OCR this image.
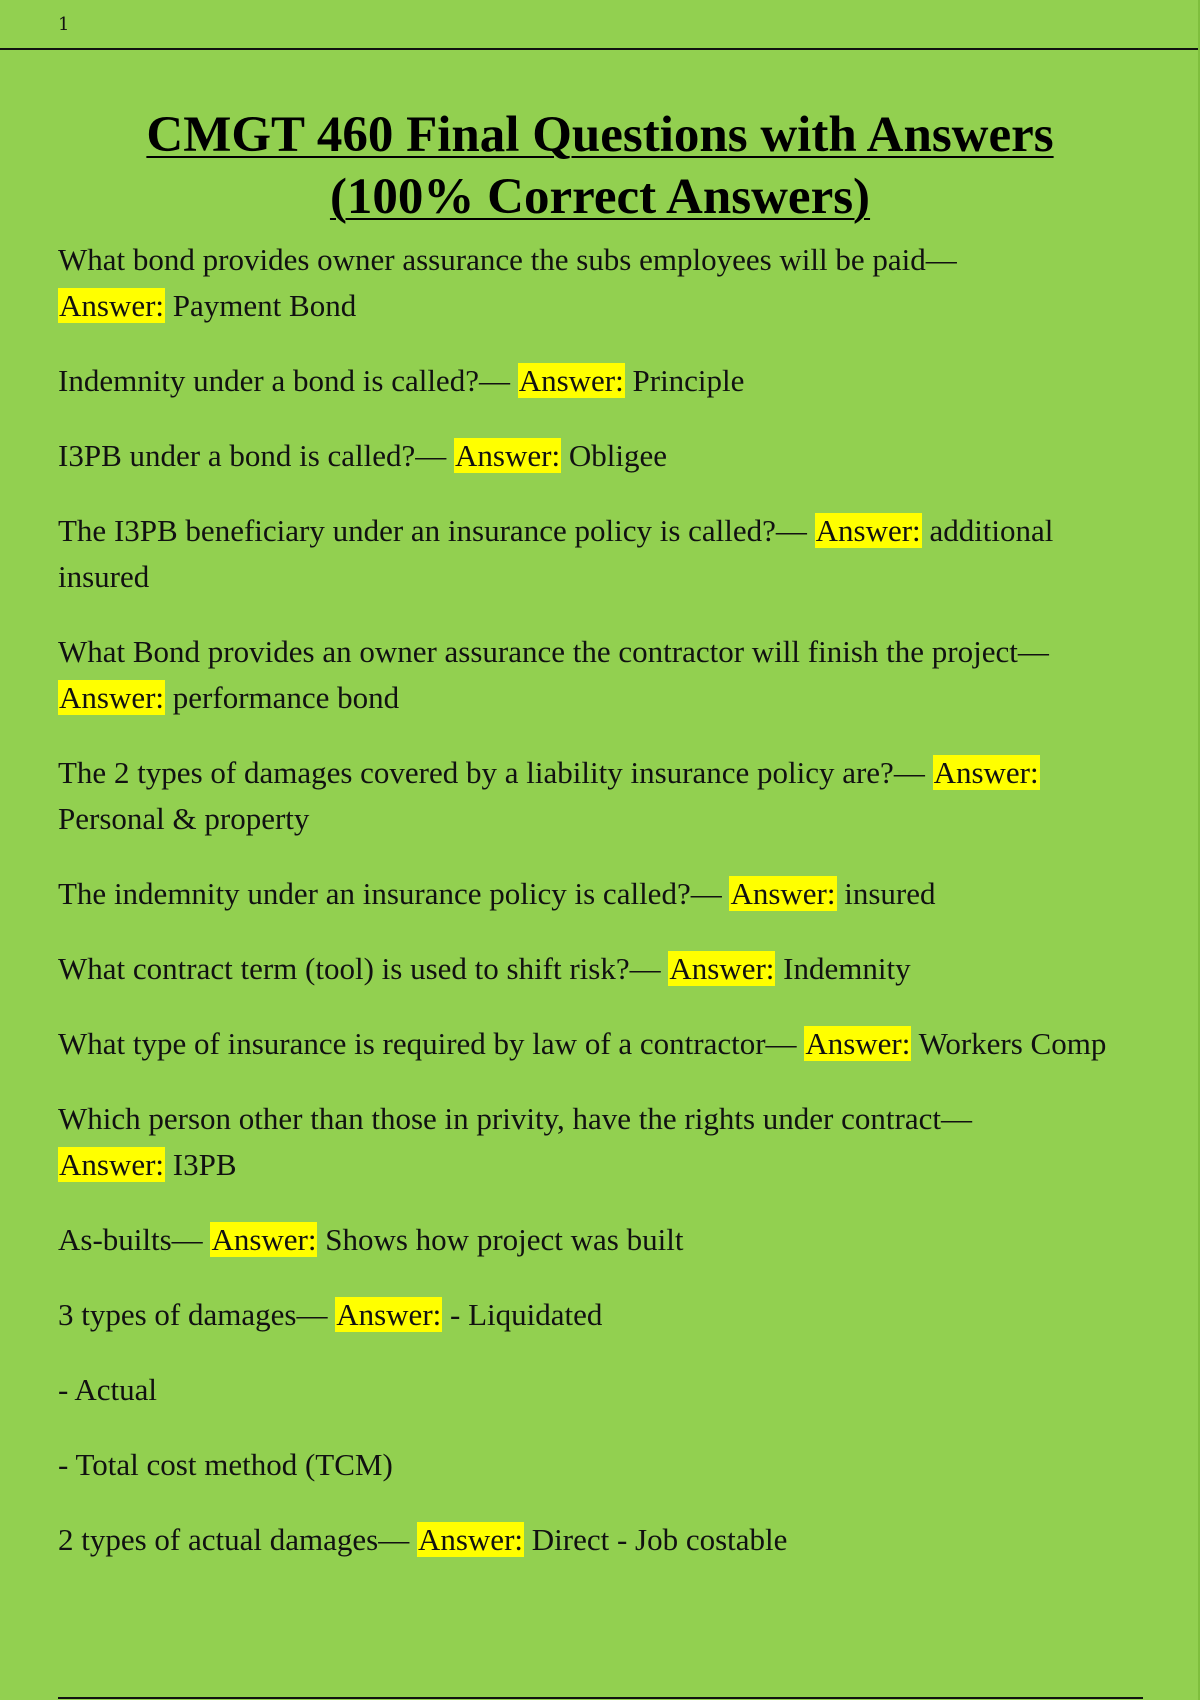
1
CMGT 460 Final Questions with Answers
(100% Correct Answers)

What bond provides owner assurance the subs employees will be paid—
Answer: Payment Bond

Indemnity under a bond is called?— Answer: Principle

I3PB under a bond is called?— Answer: Obligee

The I3PB beneficiary under an insurance policy is called?— Answer: additional insured

What Bond provides an owner assurance the contractor will finish the project— Answer: performance bond

The 2 types of damages covered by a liability insurance policy are?— Answer:
Personal & property

The indemnity under an insurance policy is called?— Answer: insured

What contract term (tool) is used to shift risk?— Answer: Indemnity

What type of insurance is required by law of a contractor— Answer: Workers Comp

Which person other than those in privity, have the rights under contract—
Answer: I3PB

As-builts— Answer: Shows how project was built

3 types of damages— Answer: - Liquidated

- Actual

- Total cost method (TCM)

2 types of actual damages— Answer: Direct - Job costable
